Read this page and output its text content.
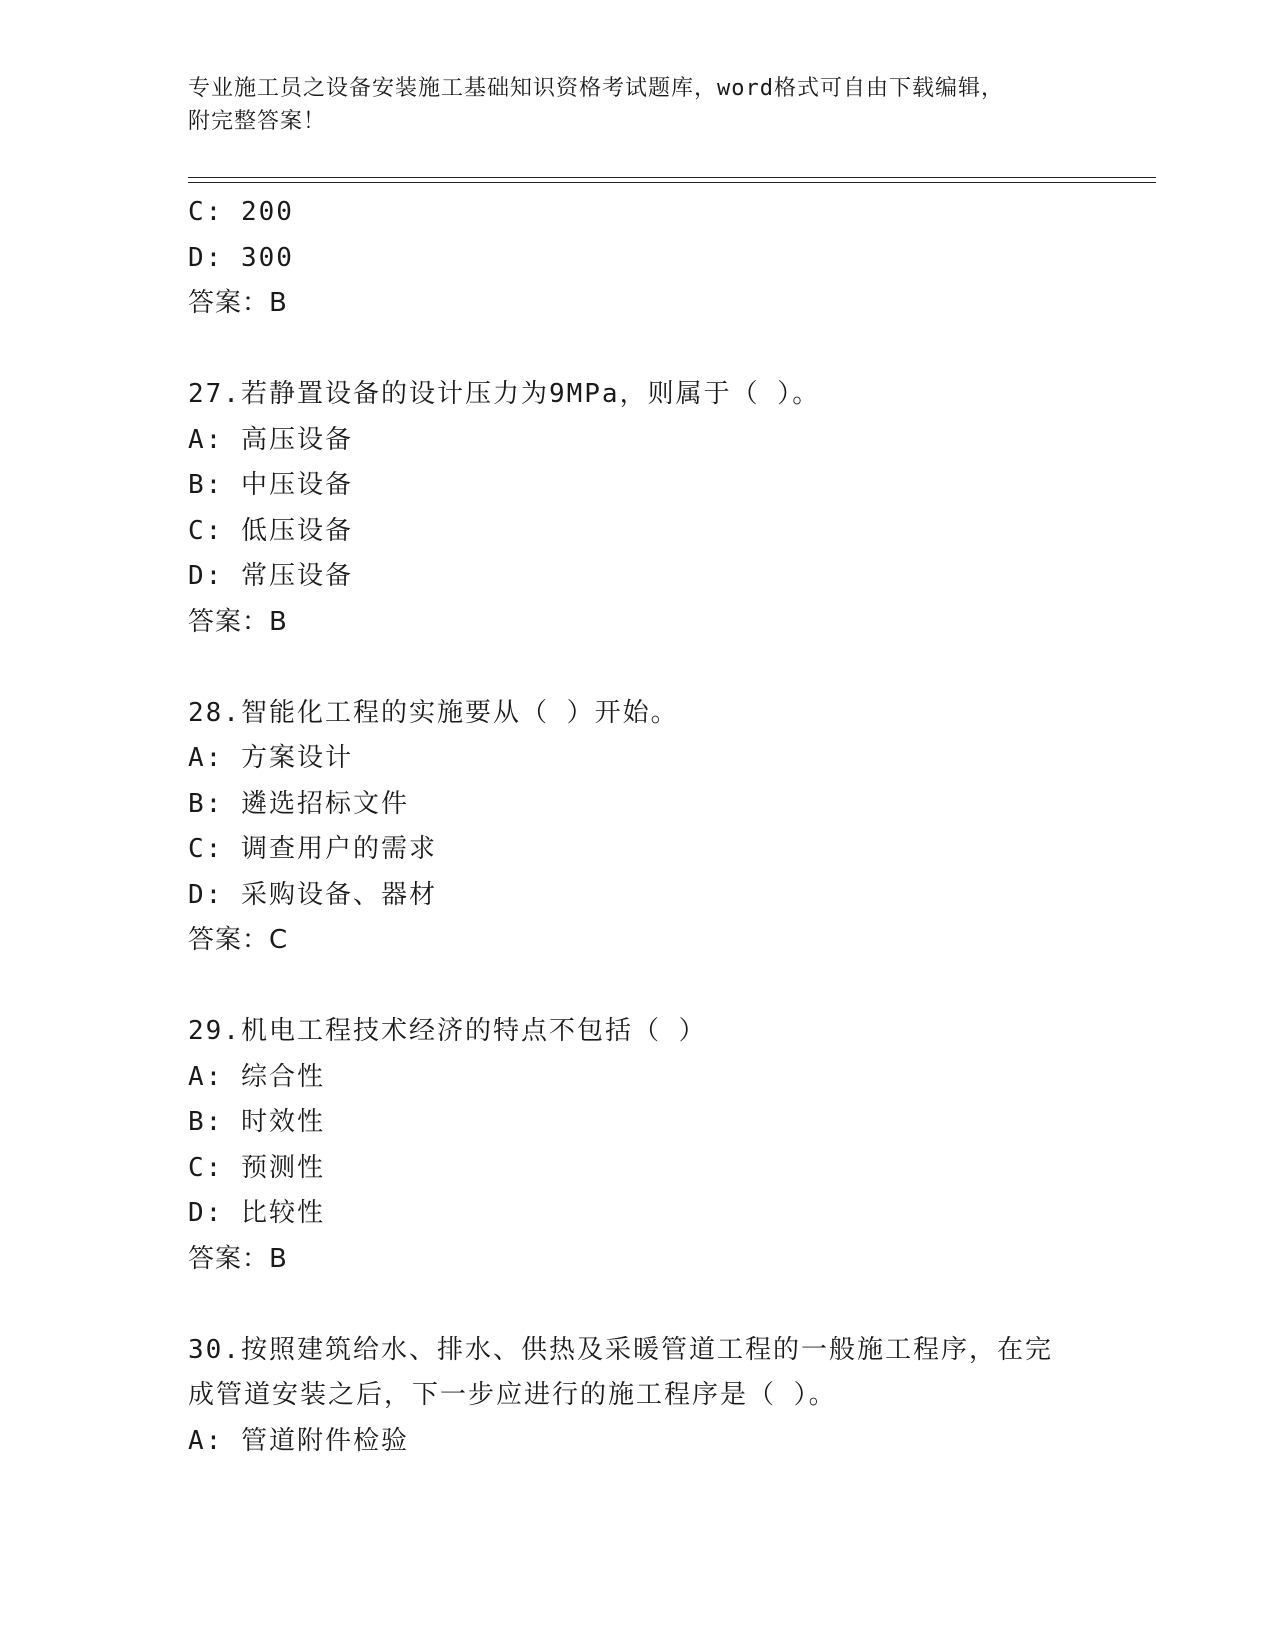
专业施工员之设备安装施工基础知识资格考试题库，word格式可自由下载编辑，
附完整答案！
C: 200
D: 300
答案：B
27.若静置设备的设计压力为9MPa，则属于（ ）。
A: 高压设备
B: 中压设备
C: 低压设备
D: 常压设备
答案：B
28.智能化工程的实施要从（ ）开始。
A: 方案设计
B: 遴选招标文件
C: 调查用户的需求
D: 采购设备、器材
答案：C
29.机电工程技术经济的特点不包括（ ）
A: 综合性
B: 时效性
C: 预测性
D: 比较性
答案：B
30.按照建筑给水、排水、供热及采暖管道工程的一般施工程序，在完
成管道安装之后，下一步应进行的施工程序是（ ）。
A: 管道附件检验
